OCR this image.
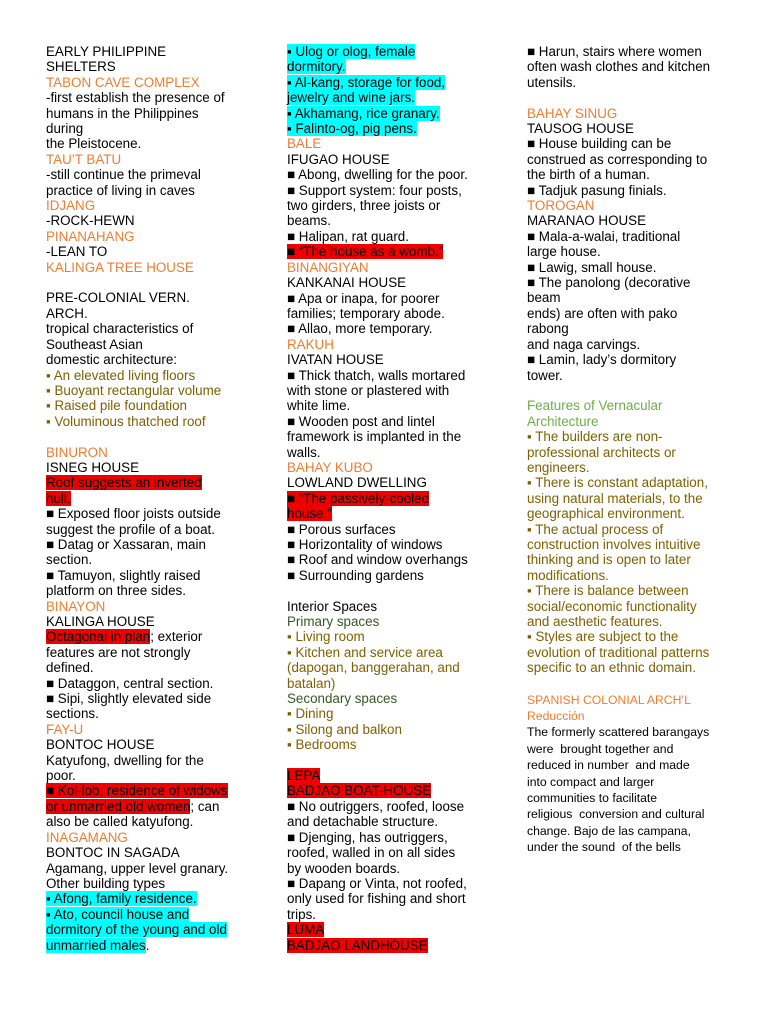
EARLY PHILIPPINE
SHELTERS
TABON CAVE COMPLEX
-first establish the presence of
humans in the Philippines
during
the Pleistocene.
TAU’T BATU
-still continue the primeval
practice of living in caves
IDJANG
-ROCK-HEWN
PINANAHANG
-LEAN TO
KALINGA TREE HOUSE
PRE-COLONIAL VERN.
ARCH.
tropical characteristics of
Southeast Asian
domestic architecture:
▪ An elevated living floors
▪ Buoyant rectangular volume
▪ Raised pile foundation
▪ Voluminous thatched roof
BINURON
ISNEG HOUSE
Roof suggests an inverted
hull.
■ Exposed floor joists outside
suggest the profile of a boat.
■ Datag or Xassaran, main
section.
■ Tamuyon, slightly raised
platform on three sides.
BINAYON
KALINGA HOUSE
Octagonal in plan; exterior
features are not strongly
defined.
■ Dataggon, central section.
■ Sipi, slightly elevated side
sections.
FAY-U
BONTOC HOUSE
Katyufong, dwelling for the
poor.
■ Kol-lob, residence of widows
or unmarried old women; can
also be called katyufong.
INAGAMANG
BONTOC IN SAGADA
Agamang, upper level granary.
Other building types
▪ Afong, family residence.
▪ Ato, council house and
dormitory of the young and old
unmarried males.
▪ Ulog or olog, female
dormitory.
▪ Al-kang, storage for food,
jewelry and wine jars.
▪ Akhamang, rice granary.
▪ Falinto-og, pig pens.
BALE
IFUGAO HOUSE
■ Abong, dwelling for the poor.
■ Support system: four posts,
two girders, three joists or
beams.
■ Halipan, rat guard.
■ “The house as a womb.”
BINANGIYAN
KANKANAI HOUSE
■ Apa or inapa, for poorer
families; temporary abode.
■ Allao, more temporary.
RAKUH
IVATAN HOUSE
■ Thick thatch, walls mortared
with stone or plastered with
white lime.
■ Wooden post and lintel
framework is implanted in the
walls.
BAHAY KUBO
LOWLAND DWELLING
■ “The passively-cooled
house.”
■ Porous surfaces
■ Horizontality of windows
■ Roof and window overhangs
■ Surrounding gardens
Interior Spaces
Primary spaces
▪ Living room
▪ Kitchen and service area
(dapogan, banggerahan, and
batalan)
Secondary spaces
▪ Dining
▪ Silong and balkon
▪ Bedrooms
LEPA
BADJAO BOAT-HOUSE
■ No outriggers, roofed, loose
and detachable structure.
■ Djenging, has outriggers,
roofed, walled in on all sides
by wooden boards.
■ Dapang or Vinta, not roofed,
only used for fishing and short
trips.
LUMA
BADJAO LANDHOUSE
■ Harun, stairs where women
often wash clothes and kitchen
utensils.
BAHAY SINUG
TAUSOG HOUSE
■ House building can be
construed as corresponding to
the birth of a human.
■ Tadjuk pasung finials.
TOROGAN
MARANAO HOUSE
■ Mala-a-walai, traditional
large house.
■ Lawig, small house.
■ The panolong (decorative
beam
ends) are often with pako
rabong
and naga carvings.
■ Lamin, lady’s dormitory
tower.
Features of Vernacular
Architecture
▪ The builders are non-
professional architects or
engineers.
▪ There is constant adaptation,
using natural materials, to the
geographical environment.
▪ The actual process of
construction involves intuitive
thinking and is open to later
modifications.
▪ There is balance between
social/economic functionality
and aesthetic features.
▪ Styles are subject to the
evolution of traditional patterns
specific to an ethnic domain.
SPANISH COLONIAL ARCH’L
Reducción
The formerly scattered barangays
were  brought together and
reduced in number  and made
into compact and larger
communities to facilitate
religious  conversion and cultural
change. Bajo de las campana,
under the sound  of the bells
